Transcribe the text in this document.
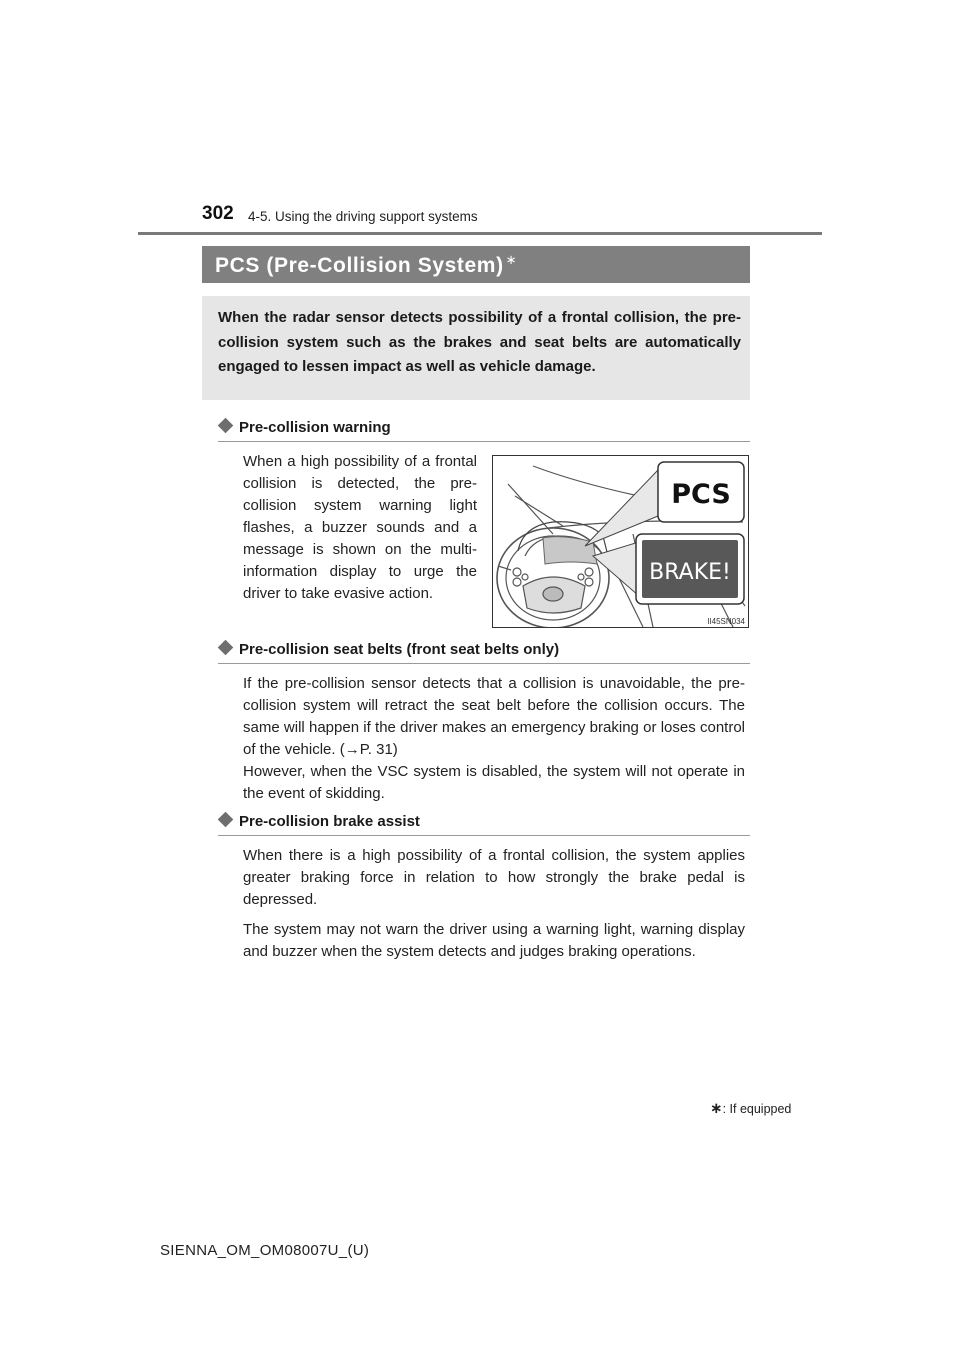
302 4-5. Using the driving support systems
PCS (Pre-Collision System) ∗

When the radar sensor detects possibility of a frontal collision, the pre-collision system such as the brakes and seat belts are automatically engaged to lessen impact as well as vehicle damage.

Pre-collision warning

When a high possibility of a frontal collision is detected, the pre-collision system warning light flashes, a buzzer sounds and a message is shown on the multi-information display to urge the driver to take evasive action.

PCS
BRAKE!
II45SN034
Pre-collision seat belts (front seat belts only)

If the pre-collision sensor detects that a collision is unavoidable, the pre-collision system will retract the seat belt before the collision occurs. The same will happen if the driver makes an emergency braking or loses control of the vehicle. (→P. 31)

However, when the VSC system is disabled, the system will not operate in the event of skidding.

Pre-collision brake assist

When there is a high possibility of a frontal collision, the system applies greater braking force in relation to how strongly the brake pedal is depressed.

The system may not warn the driver using a warning light, warning display and buzzer when the system detects and judges braking operations.

∗: If equipped
SIENNA_OM_OM08007U_(U)
